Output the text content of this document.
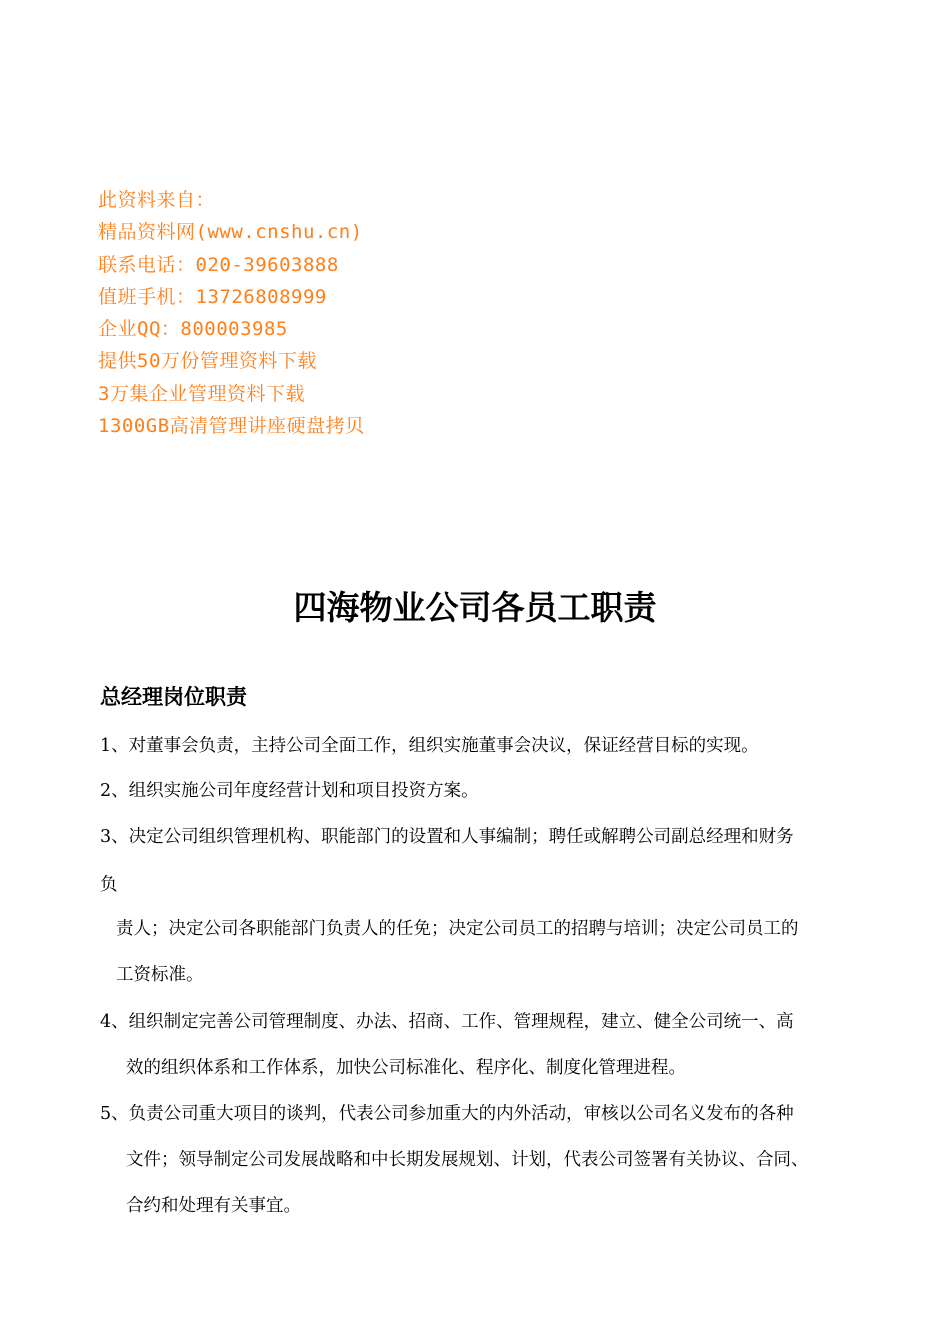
此资料来自：
精品资料网(www.cnshu.cn)
联系电话：020-39603888
值班手机：13726808999
企业QQ：800003985
提供50万份管理资料下载
3万集企业管理资料下载
1300GB高清管理讲座硬盘拷贝
四海物业公司各员工职责
总经理岗位职责
1、对董事会负责，主持公司全面工作，组织实施董事会决议，保证经营目标的实现。
2、组织实施公司年度经营计划和项目投资方案。
3、决定公司组织管理机构、职能部门的设置和人事编制；聘任或解聘公司副总经理和财务
负
责人；决定公司各职能部门负责人的任免；决定公司员工的招聘与培训；决定公司员工的
工资标准。
4、组织制定完善公司管理制度、办法、招商、工作、管理规程，建立、健全公司统一、高
效的组织体系和工作体系，加快公司标准化、程序化、制度化管理进程。
5、负责公司重大项目的谈判，代表公司参加重大的内外活动，审核以公司名义发布的各种
文件；领导制定公司发展战略和中长期发展规划、计划，代表公司签署有关协议、合同、
合约和处理有关事宜。
